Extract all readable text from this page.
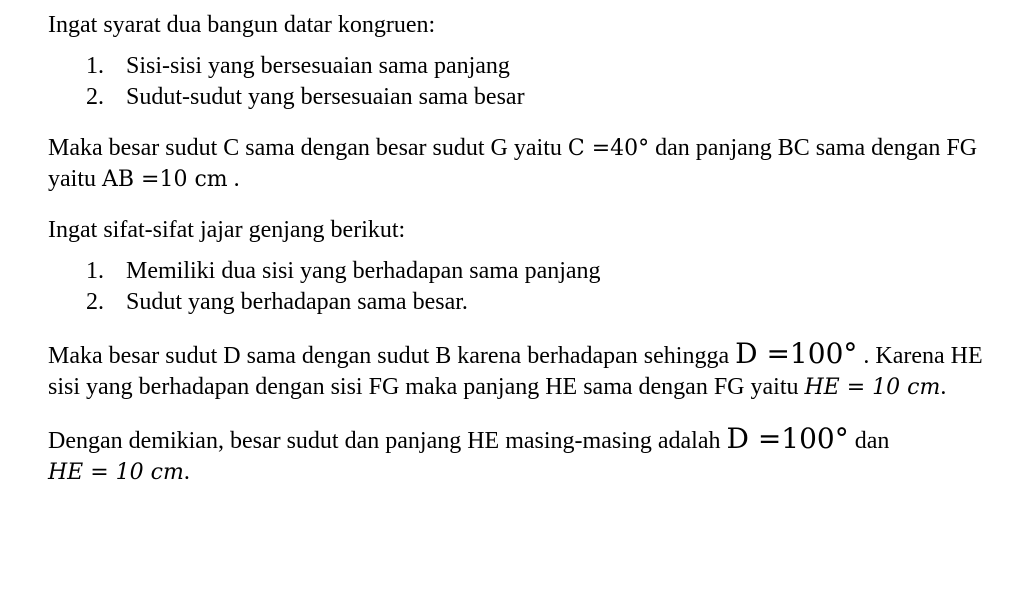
Ingat syarat dua bangun datar kongruen:

1. Sisi-sisi yang bersesuaian sama panjang
2. Sudut-sudut yang bersesuaian sama besar

Maka besar sudut C sama dengan besar sudut G yaitu C =40° dan panjang BC sama dengan FG yaitu AB =10 cm .

Ingat sifat-sifat jajar genjang berikut:

1. Memiliki dua sisi yang berhadapan sama panjang
2. Sudut yang berhadapan sama besar.

Maka besar sudut D sama dengan sudut B karena berhadapan sehingga D =100° . Karena HE sisi yang berhadapan dengan sisi FG maka panjang HE sama dengan FG yaitu HE = 10 cm.

Dengan demikian, besar sudut dan panjang HE masing-masing adalah D =100° dan HE = 10 cm.
